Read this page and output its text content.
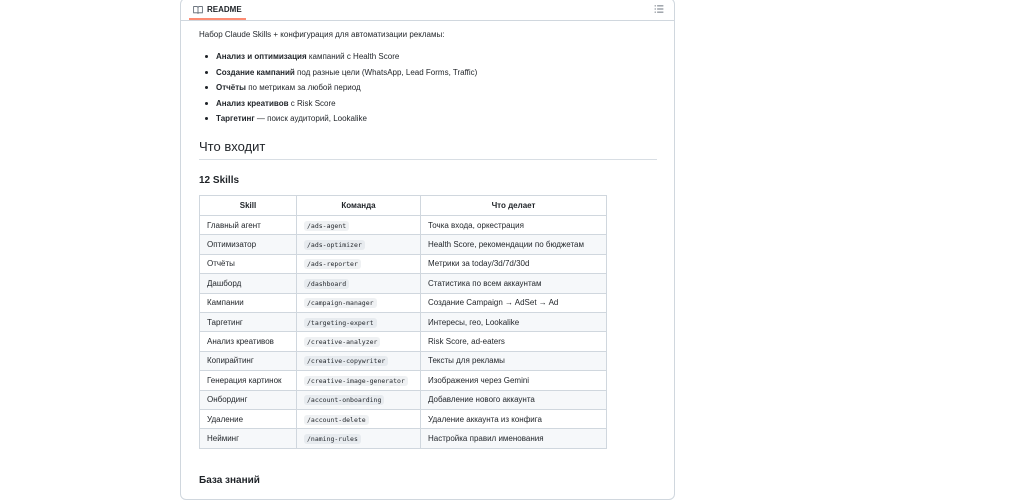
README
Набор Claude Skills + конфигурация для автоматизации рекламы:
Анализ и оптимизация кампаний с Health Score
Создание кампаний под разные цели (WhatsApp, Lead Forms, Traffic)
Отчёты по метрикам за любой период
Анализ креативов с Risk Score
Таргетинг — поиск аудиторий, Lookalike
Что входит
12 Skills
Skill	Команда	Что делает
Главный агент	/ads-agent	Точка входа, оркестрация
Оптимизатор	/ads-optimizer	Health Score, рекомендации по бюджетам
Отчёты	/ads-reporter	Метрики за today/3d/7d/30d
Дашборд	/dashboard	Статистика по всем аккаунтам
Кампании	/campaign-manager	Создание Campaign → AdSet → Ad
Таргетинг	/targeting-expert	Интересы, гео, Lookalike
Анализ креативов	/creative-analyzer	Risk Score, ad-eaters
Копирайтинг	/creative-copywriter	Тексты для рекламы
Генерация картинок	/creative-image-generator	Изображения через Gemini
Онбординг	/account-onboarding	Добавление нового аккаунта
Удаление	/account-delete	Удаление аккаунта из конфига
Нейминг	/naming-rules	Настройка правил именования
База знаний
